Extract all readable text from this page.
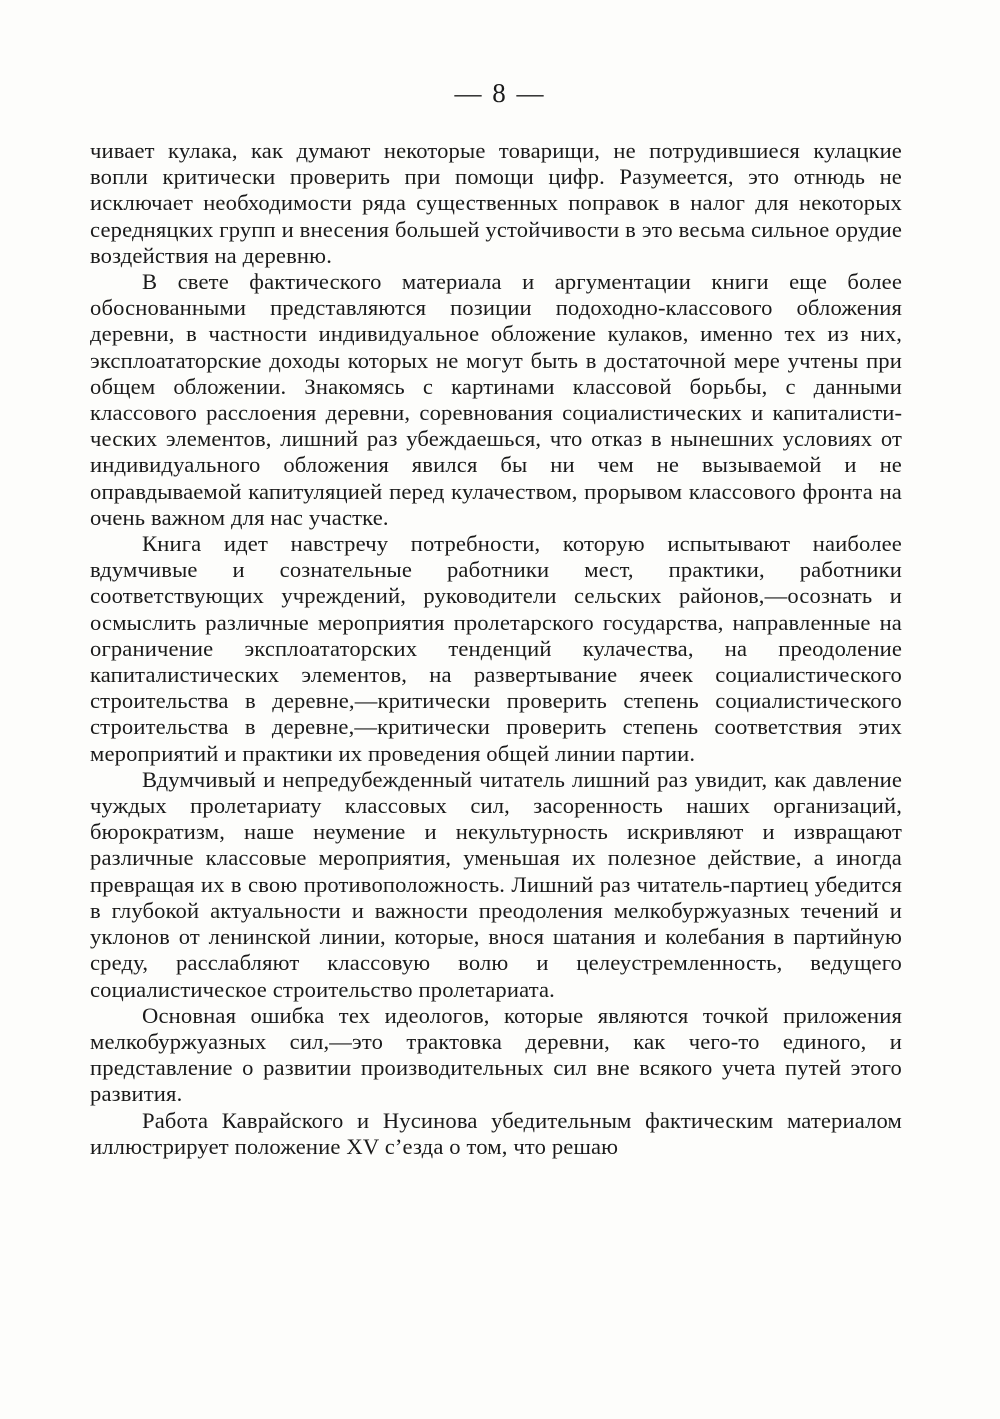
— 8 —

чивает кулака, как думают некоторые товарищи, не потрудившиеся кулацкие вопли критически проверить при помощи цифр. Разумеется, это отнюдь не исключает необходимости ряда существенных поправок в налог для некоторых середняцких групп и внесения большей устойчивости в это весьма сильное орудие воздействия на деревню.

В свете фактического материала и аргументации книги еще более обоснованными представляются позиции подоходно-классового обложения деревни, в частности индивидуальное обложение кулаков, именно тех из них, эксплоататорские доходы которых не могут быть в достаточной мере учтены при общем обложении. Знакомясь с картинами классовой борьбы, с данными классового расслоения деревни, соревнования социалистических и капиталистических элементов, лишний раз убеждаешься, что отказ в нынешних условиях от индивидуального обложения явился бы ни чем не вызываемой и не оправдываемой капитуляцией перед кулачеством, прорывом классового фронта на очень важном для нас участке.

Книга идет навстречу потребности, которую испытывают наиболее вдумчивые и сознательные работники мест, практики, работники соответствующих учреждений, руководители сельских районов,—осознать и осмыслить различные мероприятия пролетарского государства, направленные на ограничение эксплоататорских тенденций кулачества, на преодоление капиталистических элементов, на развертывание ячеек социалистического строительства в деревне,—критически проверить степень социалистического строительства в деревне,—критически проверить степень соответствия этих мероприятий и практики их проведения общей линии партии.

Вдумчивый и непредубежденный читатель лишний раз увидит, как давление чуждых пролетариату классовых сил, засоренность наших организаций, бюрократизм, наше неумение и некультурность искривляют и извращают различные классовые мероприятия, уменьшая их полезное действие, а иногда превращая их в свою противоположность. Лишний раз читатель-партиец убедится в глубокой актуальности и важности преодоления мелкобуржуазных течений и уклонов от ленинской линии, которые, внося шатания и колебания в партийную среду, расслабляют классовую волю и целеустремленность, ведущего социалистическое строительство пролетариата.

Основная ошибка тех идеологов, которые являются точкой приложения мелкобуржуазных сил,—это трактовка деревни, как чего-то единого, и представление о развитии производительных сил вне всякого учета путей этого развития.

Работа Каврайского и Нусинова убедительным фактическим материалом иллюстрирует положение XV с’езда о том, что решаю
